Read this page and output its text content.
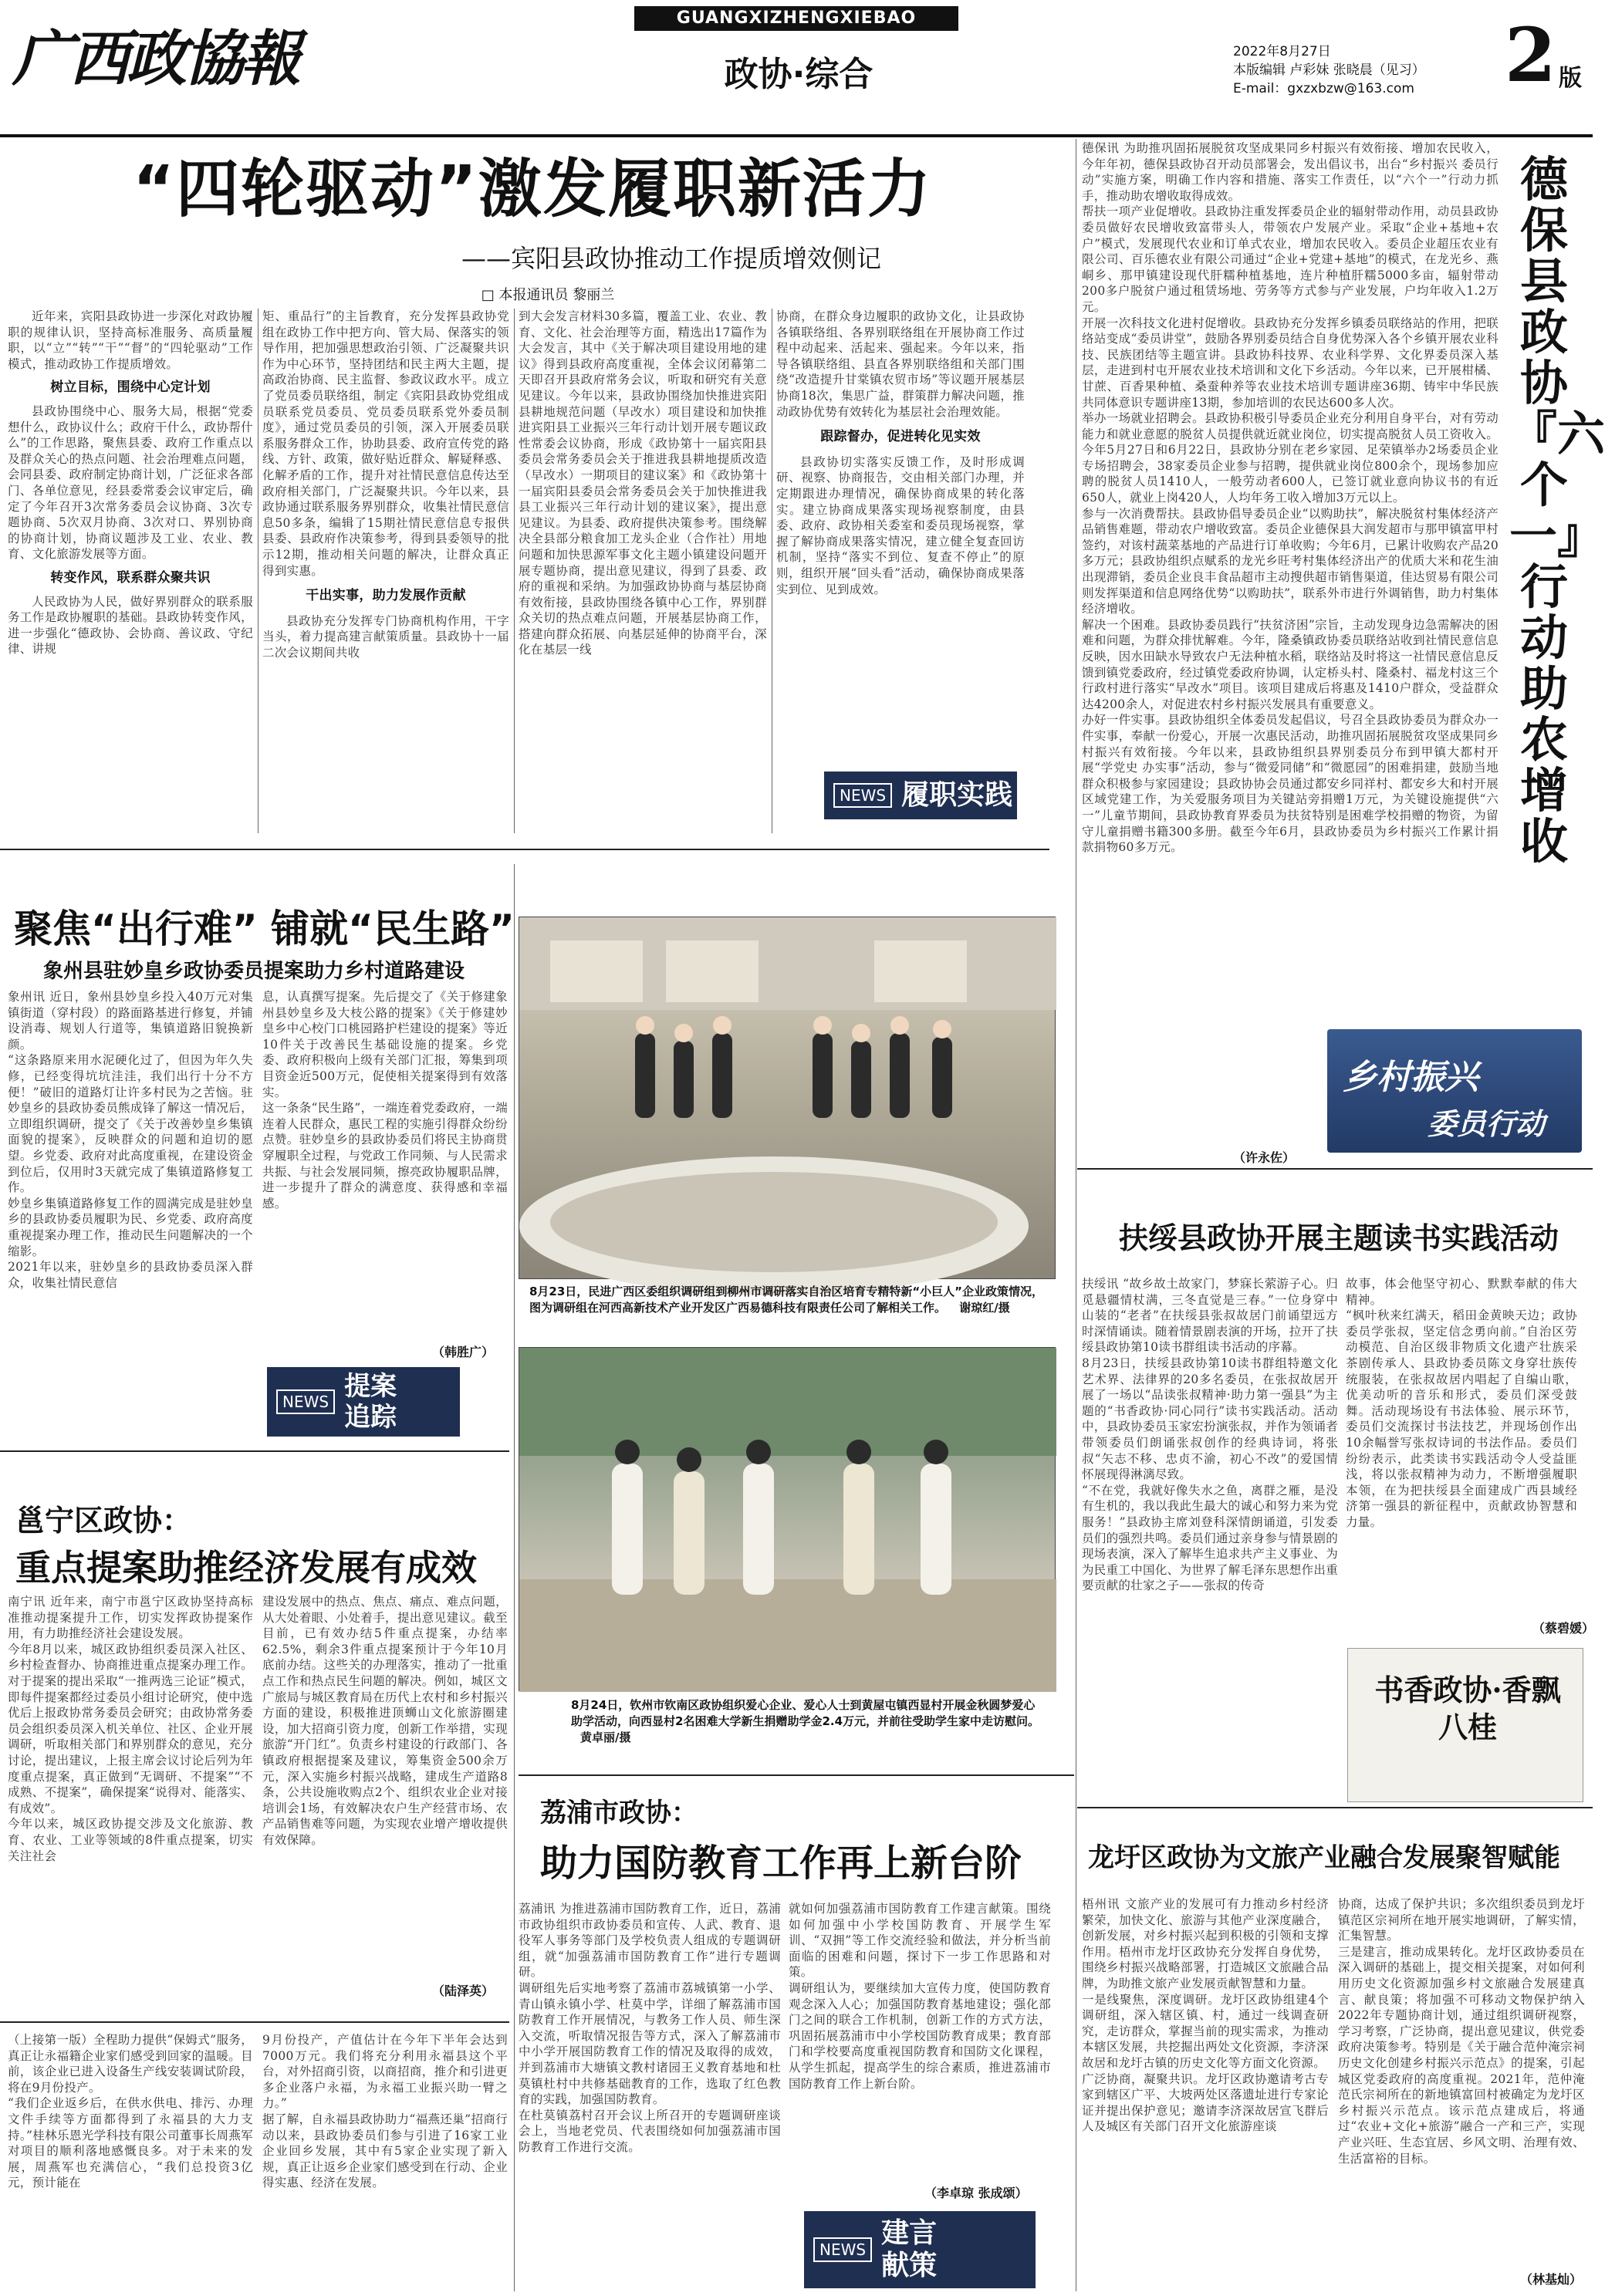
广西政協報
GUANGXIZHENGXIEBAO
政协·综合
2022年8月27日
本版编辑 卢彩妹 张晓晨（见习）
E-mail：gxzxbzw@163.com 2 版
“四轮驱动”激发履职新活力
——宾阳县政协推动工作提质增效侧记
□ 本报通讯员 黎丽兰

近年来，宾阳县政协进一步深化对政协履职的规律认识，坚持高标准服务、高质量履职，以“立”“转”“干”“督”的“四轮驱动”工作模式，推动政协工作提质增效。

树立目标，围绕中心定计划

县政协围绕中心、服务大局，根据“党委想什么，政协议什么；政府干什么，政协帮什么”的工作思路，聚焦县委、政府工作重点以及群众关心的热点问题、社会治理难点问题，会同县委、政府制定协商计划，广泛征求各部门、各单位意见，经县委常委会议审定后，确定了今年召开3次常务委员会议协商、3次专题协商、5次双月协商、3次对口、界别协商的协商计划，协商议题涉及工业、农业、教育、文化旅游发展等方面。

转变作风，联系群众聚共识

人民政协为人民，做好界别群众的联系服务工作是政协履职的基础。县政协转变作风，进一步强化“德政协、会协商、善议政、守纪律、讲规

矩、重品行”的主旨教育，充分发挥县政协党组在政协工作中把方向、管大局、保落实的领导作用，把加强思想政治引领、广泛凝聚共识作为中心环节，坚持团结和民主两大主题，提高政治协商、民主监督、参政议政水平。成立了党员委员联络组，制定《宾阳县政协党组成员联系党员委员、党员委员联系党外委员制度》，通过党员委员的引领，深入开展委员联系服务群众工作，协助县委、政府宣传党的路线、方针、政策，做好贴近群众、解疑释惑、化解矛盾的工作，提升对社情民意信息传达至政府相关部门，广泛凝聚共识。今年以来，县政协通过联系服务界别群众，收集社情民意信息50多条，编辑了15期社情民意信息专报供县委、县政府作决策参考，得到县委领导的批示12期，推动相关问题的解决，让群众真正得到实惠。

干出实事，助力发展作贡献

县政协充分发挥专门协商机构作用，干字当头，着力提高建言献策质量。县政协十一届二次会议期间共收

到大会发言材料30多篇，覆盖工业、农业、教育、文化、社会治理等方面，精选出17篇作为大会发言，其中《关于解决项目建设用地的建议》得到县政府高度重视，全体会议闭幕第二天即召开县政府常务会议，听取和研究有关意见建议。今年以来，县政协围绕加快推进宾阳县耕地规范问题（早改水）项目建设和加快推进宾阳县工业振兴三年行动计划开展专题议政性常委会议协商，形成《政协第十一届宾阳县委员会常务委员会关于推进我县耕地提质改造（早改水）一期项目的建议案》和《政协第十一届宾阳县委员会常务委员会关于加快推进我县工业振兴三年行动计划的建议案》，提出意见建议。为县委、政府提供决策参考。围绕解决全县部分粮食加工龙头企业（合作社）用地问题和加快思源军事文化主题小镇建设问题开展专题协商，提出意见建议，得到了县委、政府的重视和采纳。为加强政协协商与基层协商有效衔接，县政协围绕各镇中心工作，界别群众关切的热点难点问题，开展基层协商工作，搭建向群众拓展、向基层延伸的协商平台，深化在基层一线

协商，在群众身边履职的政协文化，让县政协各镇联络组、各界别联络组在开展协商工作过程中动起来、活起来、强起来。今年以来，指导各镇联络组、县直各界别联络组和关部门围绕“改造提升甘棠镇农贸市场”等议题开展基层协商18次，集思广益，群策群力解决问题，推动政协优势有效转化为基层社会治理效能。

跟踪督办，促进转化见实效

县政协切实落实反馈工作，及时形成调研、视察、协商报告，交由相关部门办理，并定期跟进办理情况，确保协商成果的转化落实。建立协商成果落实现场视察制度，由县委、政府、政协相关委室和委员现场视察，掌握了解协商成果落实情况，建立健全复查回访机制，坚持“落实不到位、复查不停止”的原则，组织开展“回头看”活动，确保协商成果落实到位、见到成效。

NEWS 履职实践
德保讯 为助推巩固拓展脱贫攻坚成果同乡村振兴有效衔接、增加农民收入，今年年初，德保县政协召开动员部署会，发出倡议书，出台“乡村振兴 委员行动”实施方案，明确工作内容和措施、落实工作责任，以“六个一”行动力抓手，推动助农增收取得成效。
帮扶一项产业促增收。县政协注重发挥委员企业的辐射带动作用，动员县政协委员做好农民增收致富带头人，带领农户发展产业。采取“企业+基地+农户”模式，发展现代农业和订单式农业，增加农民收入。委员企业超压农业有限公司、百乐德农业有限公司通过“企业+党建+基地”的模式，在龙光乡、燕峒乡、那甲镇建设现代肝糯种植基地，连片种植肝糯5000多亩，辐射带动200多户脱贫户通过租赁场地、劳务等方式参与产业发展，户均年收入1.2万元。
开展一次科技文化进村促增收。县政协充分发挥乡镇委员联络站的作用，把联络站变成“委员讲堂”，鼓励各界别委员结合自身优势深入各个乡镇开展农业科技、民族团结等主题宣讲。县政协科技界、农业科学界、文化界委员深入基层，走进到村屯开展农业技术培训和文化下乡活动。今年以来，已开展柑橘、甘蔗、百香果种植、桑蚕种养等农业技术培训专题讲座36期、铸牢中华民族共同体意识专题讲座13期，参加培训的农民达600多人次。
举办一场就业招聘会。县政协积极引导委员企业充分利用自身平台，对有劳动能力和就业意愿的脱贫人员提供就近就业岗位，切实提高脱贫人员工资收入。今年5月27日和6月22日，县政协分别在老乡家园、足荣镇举办2场委员企业专场招聘会，38家委员企业参与招聘，提供就业岗位800余个，现场参加应聘的脱贫人员1410人，一般劳动者600人，已签订就业意向协议书的有近650人，就业上岗420人，人均年务工收入增加3万元以上。
参与一次消费帮扶。县政协倡导委员企业“以购助扶”，解决脱贫村集体经济产品销售难题，带动农户增收致富。委员企业德保县大润发超市与那甲镇富甲村签约，对该村蔬菜基地的产品进行订单收购；今年6月，已累计收购农产品20多万元；县政协组织点赋系的龙光乡旺考村集体经济出产的优质大米和花生油出现滞销，委员企业良丰食品超市主动搜供超市销售渠道，佳达贸易有限公司则发挥渠道和信息网络优势“以购助扶”，联系外市进行外调销售，助力村集体经济增收。
解决一个困难。县政协委员践行“扶贫济困”宗旨，主动发现身边急需解决的困难和问题，为群众排忧解难。今年，隆桑镇政协委员联络站收到社情民意信息反映，因水田缺水导致农户无法种植水稻，联络站及时将这一社情民意信息反馈到镇党委政府，经过镇党委政府协调，认定桥头村、隆桑村、福龙村这三个行政村进行落实“早改水”项目。该项目建成后将惠及1410户群众，受益群众达4200余人，对促进农村乡村振兴发展具有重要意义。
办好一件实事。县政协组织全体委员发起倡议，号召全县政协委员为群众办一件实事，奉献一份爱心，开展一次惠民活动，助推巩固拓展脱贫攻坚成果同乡村振兴有效衔接。今年以来，县政协组织县界别委员分布到甲镇大都村开展“学党史 办实事”活动，参与“微爱同储”和“微愿园”的困难捐建，鼓励当地群众积极参与家园建设；县政协协会员通过都安乡同祥村、都安乡大和村开展区域党建工作，为关爱服务项目为关键站旁捐赠1万元，为关键设施提供“六一”儿童节期间，县政协教育界委员为扶贫特别是困难学校捐赠的物资，为留守儿童捐赠书籍300多册。截至今年6月，县政协委员为乡村振兴工作累计捐款捐物60多万元。
德保县政协『六个一』行动助农增收
（许永佐）
乡村振兴
委员行动
聚焦“出行难” 铺就“民生路”
象州县驻妙皇乡政协委员提案助力乡村道路建设
象州讯 近日，象州县妙皇乡投入40万元对集镇街道（穿村段）的路面路基进行修复，并铺设消毒、规划人行道等，集镇道路旧貌换新颜。
“这条路原来用水泥硬化过了，但因为年久失修，已经变得坑坑洼洼，我们出行十分不方便！”破旧的道路灯让许多村民为之苦恼。驻妙皇乡的县政协委员熊成锋了解这一情况后，立即组织调研，提交了《关于改善妙皇乡集镇面貌的提案》，反映群众的问题和迫切的愿望。乡党委、政府对此高度重视，在建设资金到位后，仅用时3天就完成了集镇道路修复工作。
妙皇乡集镇道路修复工作的圆满完成是驻妙皇乡的县政协委员履职为民、乡党委、政府高度重视提案办理工作，推动民生问题解决的一个缩影。
2021年以来，驻妙皇乡的县政协委员深入群众，收集社情民意信
息，认真撰写提案。先后提交了《关于修建象州县妙皇乡及大枝公路的提案》《关于修建妙皇乡中心校门口桃园路护栏建设的提案》等近10件关于改善民生基础设施的提案。乡党委、政府积极向上级有关部门汇报，筹集到项目资金近500万元，促使相关提案得到有效落实。
这一条条“民生路”，一端连着党委政府，一端连着人民群众，惠民工程的实施引得群众纷纷点赞。驻妙皇乡的县政协委员们将民主协商贯穿履职全过程，与党政工作同频、与人民需求共振、与社会发展同频，擦亮政协履职品牌，进一步提升了群众的满意度、获得感和幸福感。
（韩胜广）
NEWS 提案追踪
8月23日，民进广西区委组织调研组到柳州市调研落实自治区培育专精特新“小巨人”企业政策情况，图为调研组在河西高新技术产业开发区广西易德科技有限责任公司了解相关工作。 谢琼红/摄
8月24日，钦州市钦南区政协组织爱心企业、爱心人士到黄屋屯镇西显村开展金秋圆梦爱心助学活动，向西显村2名困难大学新生捐赠助学金2.4万元，并前往受助学生家中走访慰问。 黄卓丽/摄
扶绥县政协开展主题读书实践活动
扶绥讯 “故乡故土故家门，梦寐长萦游子心。归觅悬疆情杖满，三冬直觉是三春。”一位身穿中山装的“老者”在扶绥县张叔故居门前诵望远方时深情诵读。随着情景剧表演的开场，拉开了扶绥县政协第10读书群组读书活动的序幕。
8月23日，扶绥县政协第10读书群组特邀文化艺术界、法律界的20多名委员，在张叔故居开展了一场以“品读张叔精神·助力第一强县”为主题的“书香政协·同心同行”读书实践活动。活动中，县政协委员玉家宏扮演张叔，并作为领诵者带领委员们朗诵张叔创作的经典诗词，将张叔“矢志不移、忠贞不渝，初心不改”的爱国情怀展现得淋漓尽致。
“不在党，我就好像失水之鱼，离群之雁，是没有生机的，我以我此生最大的诚心和努力来为党服务！”县政协主席刘登科深情朗诵道，引发委员们的强烈共鸣。委员们通过亲身参与情景剧的现场表演，深入了解毕生追求共产主义事业、为为民重工中国化、为世界了解毛泽东思想作出重要贡献的壮家之子——张叔的传奇
故事，体会他坚守初心、默默奉献的伟大精神。
“枫叶秋来红满天，稻田金黄映天边；政协委员学张叔，坚定信念勇向前。”自治区劳动模范、自治区级非物质文化遗产壮族采茶剧传承人、县政协委员陈文身穿壮族传统服装，在张叔故居内唱起了自编山歌，优美动听的音乐和形式，委员们深受鼓舞。活动现场设有书法体验、展示环节，委员们交流探讨书法技艺，并现场创作出10余幅誉写张叔诗词的书法作品。委员们纷纷表示，此类读书实践活动令人受益匪浅，将以张叔精神为动力，不断增强履职本领，在为把扶绥县全面建成广西县域经济第一强县的新征程中，贡献政协智慧和力量。
（蔡碧媛）
书香政协·香飘八桂
邕宁区政协：
重点提案助推经济发展有成效
南宁讯 近年来，南宁市邕宁区政协坚持高标准推动提案提升工作，切实发挥政协提案作用，有力助推经济社会建设发展。
今年8月以来，城区政协组织委员深入社区、乡村检查督办、协商推进重点提案办理工作。对于提案的提出采取“一推两选三论证”模式，即每件提案都经过委员小组讨论研究，使中选优后上报政协常务委员会研究；由政协常务委员会组织委员深入机关单位、社区、企业开展调研，听取相关部门和界别群众的意见，充分讨论，提出建议，上报主席会议讨论后列为年度重点提案，真正做到“无调研、不提案”“不成熟、不提案”，确保提案“说得对、能落实、有成效”。
今年以来，城区政协提交涉及文化旅游、教育、农业、工业等领域的8件重点提案，切实关注社会
建设发展中的热点、焦点、痛点、难点问题，从大处着眼、小处着手，提出意见建议。截至目前，已有效办结5件重点提案，办结率62.5%，剩余3件重点提案预计于今年10月底前办结。这些关的办理落实，推动了一批重点工作和热点民生问题的解决。例如，城区文广旅局与城区教育局在历代上农村和乡村振兴方面的建设，积极推进顶蛳山文化旅游圈建设，加大招商引资力度，创新工作举措，实现旅游“开门红”。负责乡村建设的行政部门、各镇政府根据提案及建议，筹集资金500余万元，深入实施乡村振兴战略，建成生产道路8条，公共设施收购点2个、组织农业企业对接培训会1场，有效解决农户生产经营市场、农产品销售难等问题，为实现农业增产增收提供有效保障。
（陆泽英）
荔浦市政协：
助力国防教育工作再上新台阶
荔浦讯 为推进荔浦市国防教育工作，近日，荔浦市政协组织市政协委员和宣传、人武、教育、退役军人事务等部门及学校负责人组成的专题调研组，就“加强荔浦市国防教育工作”进行专题调研。
调研组先后实地考察了荔浦市荔城镇第一小学、青山镇永镇小学、杜莫中学，详细了解荔浦市国防教育工作开展情况，与教务工作人员、师生深入交流，听取情况报告等方式，深入了解荔浦市中小学开展国防教育工作的情况及取得的成效，并到荔浦市大塘镇文教村诸园王义教育基地和杜莫镇杜村中共修基础教育的工作，选取了红色教育的实践，加强国防教育。
在杜莫镇荔村召开会议上所召开的专题调研座谈会上，当地老党员、代表围绕如何加强荔浦市国防教育工作进行交流。
就如何加强荔浦市国防教育工作建言献策。围绕如何加强中小学校国防教育、开展学生军训、“双拥”等工作交流经验和做法，并分析当前面临的困难和问题，探讨下一步工作思路和对策。
调研组认为，要继续加大宣传力度，使国防教育观念深入人心；加强国防教育基地建设；强化部门之间的联合工作机制，创新工作的方式方法，巩固拓展荔浦市中小学校国防教育成果；教育部门和学校要高度重视国防教育和国防文化课程，从学生抓起，提高学生的综合素质，推进荔浦市国防教育工作上新台阶。
（李卓琼 张成颂）
NEWS
建言献策
龙圩区政协为文旅产业融合发展聚智赋能
梧州讯 文旅产业的发展可有力推动乡村经济繁荣，加快文化、旅游与其他产业深度融合，创新发展，对乡村振兴起到积极的引领和支撑作用。梧州市龙圩区政协充分发挥自身优势，围绕乡村振兴战略部署，打造城区文旅融合品牌，为助推文旅产业发展贡献智慧和力量。
一是线聚焦，深度调研。龙圩区政协组建4个调研组，深入辖区镇、村，通过一线调查研究，走访群众，掌握当前的现实需求，为推动本辖区发展，共挖掘出两处文化资源，李济深故居和龙圩古镇的历史文化等方面文化资源。
广泛协商，凝聚共识。龙圩区政协邀请考古专家到辖区广平、大坡两处区落遗址进行专家论证并提出保护意见；邀请李济深故居宣飞群后人及城区有关部门召开文化旅游座谈
协商，达成了保护共识；多次组织委员到龙圩镇范区宗祠所在地开展实地调研，了解实情，汇集智慧。
三是建言，推动成果转化。龙圩区政协委员在深入调研的基础上，提交相关提案，对如何利用历史文化资源加强乡村文旅融合发展建真言、献良策；将加强不可移动文物保护纳入2022年专题协商计划，通过组织调研视察，学习考察，广泛协商，提出意见建议，供党委政府决策参考。特别是《关于融合范仲淹宗祠历史文化创建乡村振兴示范点》的提案，引起城区党委政府的高度重视。2021年，范仲淹范氏宗祠所在的新地镇富回村被确定为龙圩区乡村振兴示范点。该示范点建成后，将通过“农业+文化+旅游”融合一产和三产，实现产业兴旺、生态宜居、乡风文明、治理有效、生活富裕的目标。
（林基灿）
（上接第一版）全程助力提供“保姆式”服务，真正让永福籍企业家们感受到回家的温暖。目前，该企业已进入设备生产线安装调试阶段，将在9月份投产。
“我们企业返乡后，在供水供电、排污、办理文件手续等方面都得到了永福县的大力支持。”桂林乐恩光学科技有限公司董事长周燕军对项目的顺利落地感慨良多。对于未来的发展，周燕军也充满信心，“我们总投资3亿元，预计能在
9月份投产，产值估计在今年下半年会达到7000万元。我们将充分利用永福县这个平台，对外招商引资，以商招商，推介和引进更多企业落户永福，为永福工业振兴助一臂之力。”
据了解，自永福县政协助力“福燕还巢”招商行动以来，县政协委员们参与引进了16家工业企业回乡发展，其中有5家企业实现了新入规，真正让返乡企业家们感受到在行动、企业得实惠、经济在发展。
